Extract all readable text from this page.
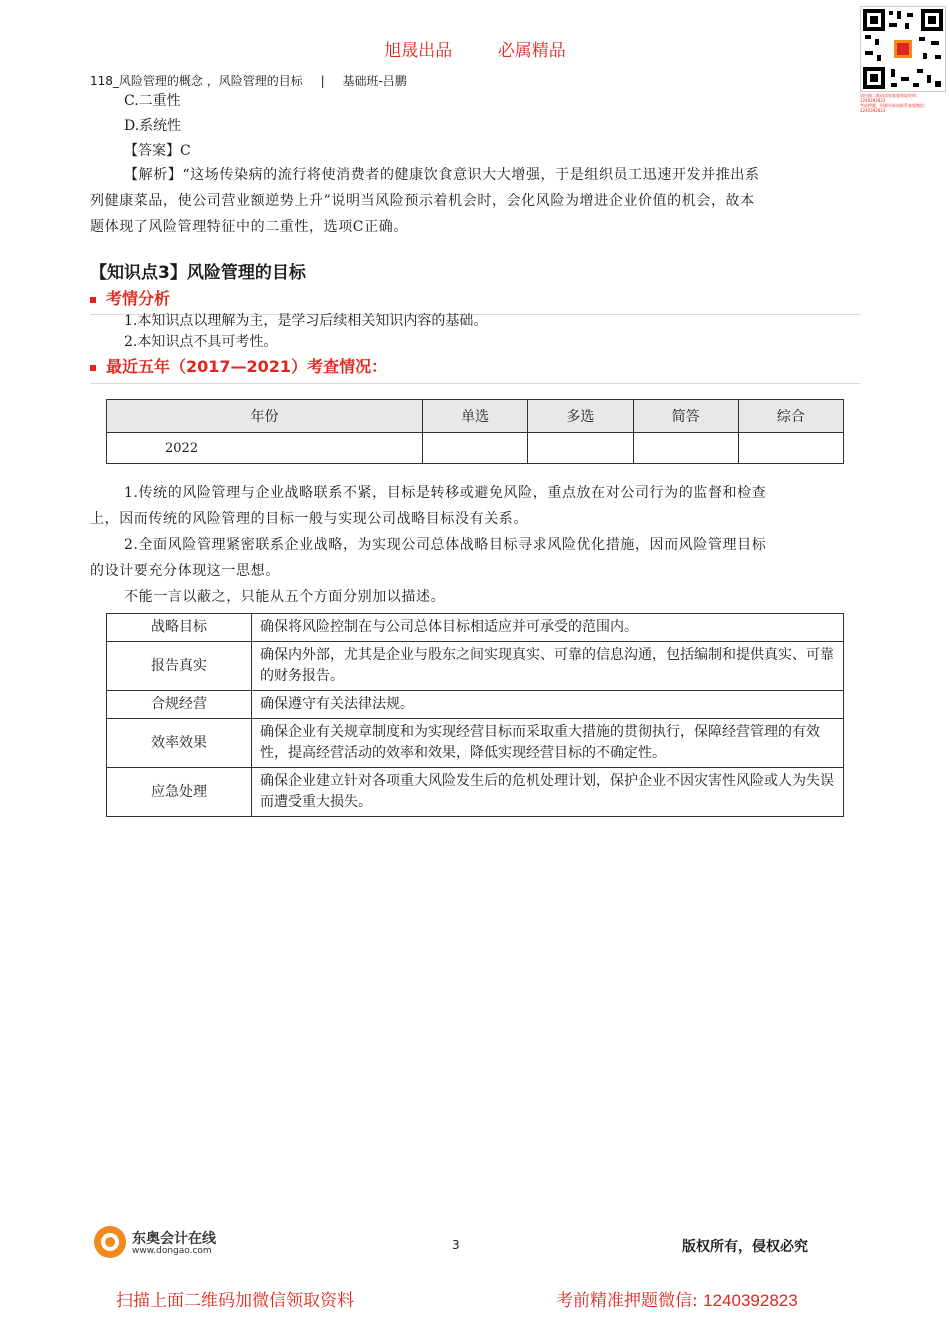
旭晟出品	必属精品
118_风险管理的概念 ，风险管理的目标 | 基础班-吕鹏
请扫描二维码添加客服领取资料：1240392823
考前押题，资源更新请联系客服微信：1240392823
C.二重性
D.系统性
【答案】C
【解析】“这场传染病的流行将使消费者的健康饮食意识大大增强，于是组织员工迅速开发并推出系
列健康菜品，使公司营业额逆势上升”说明当风险预示着机会时，会化风险为增进企业价值的机会，故本
题体现了风险管理特征中的二重性，选项C正确。
【知识点3】风险管理的目标
考情分析
1.本知识点以理解为主，是学习后续相关知识内容的基础。
2.本知识点不具可考性。
最近五年（2017—2021）考查情况：
年份	单选	多选	简答	综合
2022				
1.传统的风险管理与企业战略联系不紧，目标是转移或避免风险，重点放在对公司行为的监督和检查
上，因而传统的风险管理的目标一般与实现公司战略目标没有关系。
2.全面风险管理紧密联系企业战略，为实现公司总体战略目标寻求风险优化措施，因而风险管理目标
的设计要充分体现这一思想。
不能一言以蔽之，只能从五个方面分别加以描述。
战略目标	确保将风险控制在与公司总体目标相适应并可承受的范围内。
报告真实	确保内外部，尤其是企业与股东之间实现真实、可靠的信息沟通，包括编制和提供真实、可靠的财务报告。
合规经营	确保遵守有关法律法规。
效率效果	确保企业有关规章制度和为实现经营目标而采取重大措施的贯彻执行，保障经营管理的有效性，提高经营活动的效率和效果，降低实现经营目标的不确定性。
应急处理	确保企业建立针对各项重大风险发生后的危机处理计划，保护企业不因灾害性风险或人为失误而遭受重大损失。
东奥会计在线
www.dongao.com	3	版权所有，侵权必究
扫描上面二维码加微信领取资料	考前精准押题微信: 1240392823
